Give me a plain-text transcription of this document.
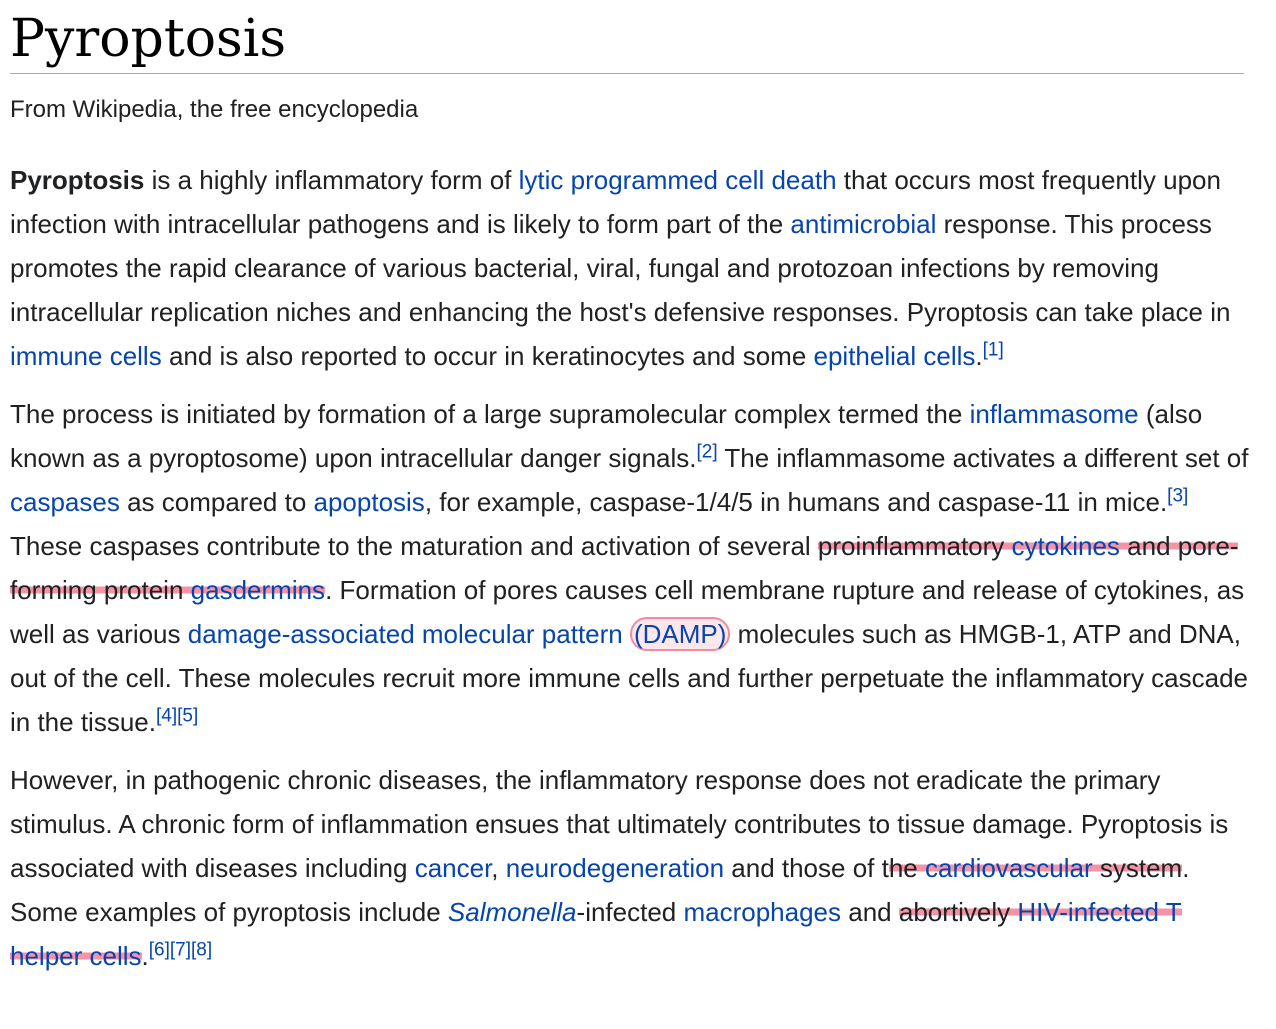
Pyroptosis
From Wikipedia, the free encyclopedia

Pyroptosis is a highly inflammatory form of lytic programmed cell death that occurs most frequently upon infection with intracellular pathogens and is likely to form part of the antimicrobial response. This process promotes the rapid clearance of various bacterial, viral, fungal and protozoan infections by removing intracellular replication niches and enhancing the host's defensive responses. Pyroptosis can take place in immune cells and is also reported to occur in keratinocytes and some epithelial cells.[1]

The process is initiated by formation of a large supramolecular complex termed the inflammasome (also known as a pyroptosome) upon intracellular danger signals.[2] The inflammasome activates a different set of caspases as compared to apoptosis, for example, caspase-1/4/5 in humans and caspase-11 in mice.[3] These caspases contribute to the maturation and activation of several proinflammatory cytokines and pore-forming protein gasdermins. Formation of pores causes cell membrane rupture and release of cytokines, as well as various damage-associated molecular pattern (DAMP) molecules such as HMGB-1, ATP and DNA, out of the cell. These molecules recruit more immune cells and further perpetuate the inflammatory cascade in the tissue.[4][5]

However, in pathogenic chronic diseases, the inflammatory response does not eradicate the primary stimulus. A chronic form of inflammation ensues that ultimately contributes to tissue damage. Pyroptosis is associated with diseases including cancer, neurodegeneration and those of the cardiovascular system. Some examples of pyroptosis include Salmonella-infected macrophages and abortively HIV-infected T helper cells.[6][7][8]
